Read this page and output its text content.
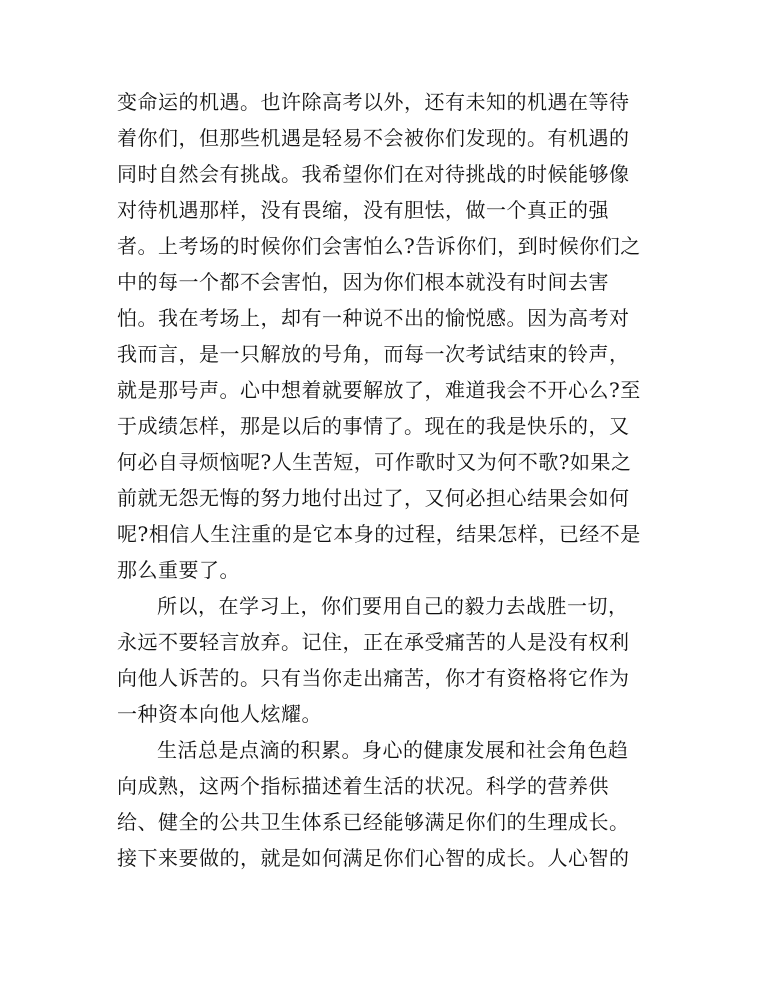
变命运的机遇。也许除高考以外，还有未知的机遇在等待
着你们，但那些机遇是轻易不会被你们发现的。有机遇的
同时自然会有挑战。我希望你们在对待挑战的时候能够像
对待机遇那样，没有畏缩，没有胆怯，做一个真正的强
者。上考场的时候你们会害怕么?告诉你们，到时候你们之
中的每一个都不会害怕，因为你们根本就没有时间去害
怕。我在考场上，却有一种说不出的愉悦感。因为高考对
我而言，是一只解放的号角，而每一次考试结束的铃声，
就是那号声。心中想着就要解放了，难道我会不开心么?至
于成绩怎样，那是以后的事情了。现在的我是快乐的，又
何必自寻烦恼呢?人生苦短，可作歌时又为何不歌?如果之
前就无怨无悔的努力地付出过了，又何必担心结果会如何
呢?相信人生注重的是它本身的过程，结果怎样，已经不是
那么重要了。
所以，在学习上，你们要用自己的毅力去战胜一切，
永远不要轻言放弃。记住，正在承受痛苦的人是没有权利
向他人诉苦的。只有当你走出痛苦，你才有资格将它作为
一种资本向他人炫耀。
生活总是点滴的积累。身心的健康发展和社会角色趋
向成熟，这两个指标描述着生活的状况。科学的营养供
给、健全的公共卫生体系已经能够满足你们的生理成长。
接下来要做的，就是如何满足你们心智的成长。人心智的
